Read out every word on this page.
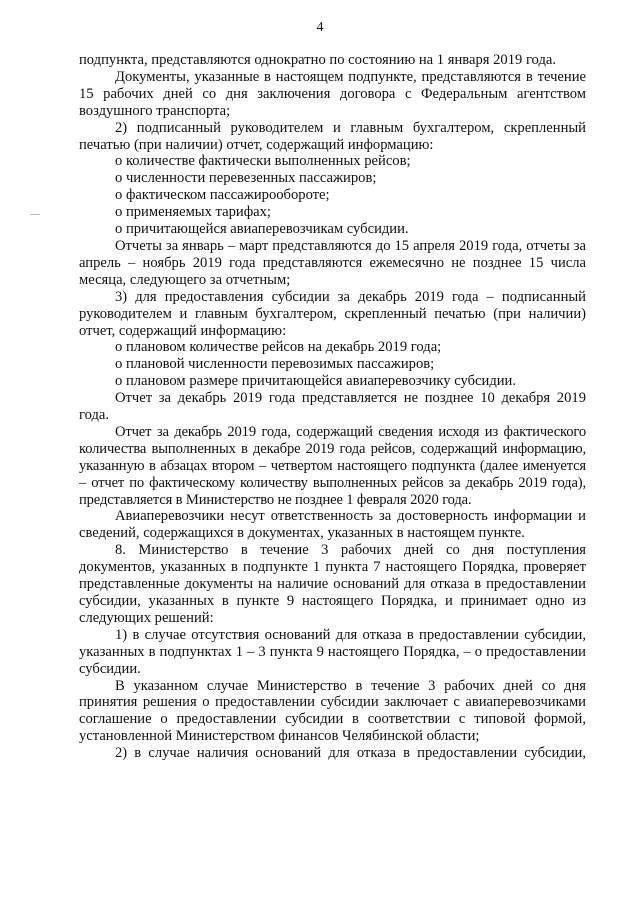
4

подпункта, представляются однократно по состоянию на 1 января 2019 года.

Документы, указанные в настоящем подпункте, представляются в течение 15 рабочих дней со дня заключения договора с Федеральным агентством воздушного транспорта;

2) подписанный руководителем и главным бухгалтером, скрепленный печатью (при наличии) отчет, содержащий информацию:

о количестве фактически выполненных рейсов;

о численности перевезенных пассажиров;

о фактическом пассажирообороте;

о применяемых тарифах;

о причитающейся авиаперевозчикам субсидии.

Отчеты за январь – март представляются до 15 апреля 2019 года, отчеты за апрель – ноябрь 2019 года представляются ежемесячно не позднее 15 числа месяца, следующего за отчетным;

3) для предоставления субсидии за декабрь 2019 года – подписанный руководителем и главным бухгалтером, скрепленный печатью (при наличии) отчет, содержащий информацию:

о плановом количестве рейсов на декабрь 2019 года;

о плановой численности перевозимых пассажиров;

о плановом размере причитающейся авиаперевозчику субсидии.

Отчет за декабрь 2019 года представляется не позднее 10 декабря 2019 года.

Отчет за декабрь 2019 года, содержащий сведения исходя из фактического количества выполненных в декабре 2019 года рейсов, содержащий информацию, указанную в абзацах втором – четвертом настоящего подпункта (далее именуется – отчет по фактическому количеству выполненных рейсов за декабрь 2019 года), представляется в Министерство не позднее 1 февраля 2020 года.

Авиаперевозчики несут ответственность за достоверность информации и сведений, содержащихся в документах, указанных в настоящем пункте.

8. Министерство в течение 3 рабочих дней со дня поступления документов, указанных в подпункте 1 пункта 7 настоящего Порядка, проверяет представленные документы на наличие оснований для отказа в предоставлении субсидии, указанных в пункте 9 настоящего Порядка, и принимает одно из следующих решений:

1) в случае отсутствия оснований для отказа в предоставлении субсидии, указанных в подпунктах 1 – 3 пункта 9 настоящего Порядка, – о предоставлении субсидии.

В указанном случае Министерство в течение 3 рабочих дней со дня принятия решения о предоставлении субсидии заключает с авиаперевозчиками соглашение о предоставлении субсидии в соответствии с типовой формой, установленной Министерством финансов Челябинской области;

2) в случае наличия оснований для отказа в предоставлении субсидии,
